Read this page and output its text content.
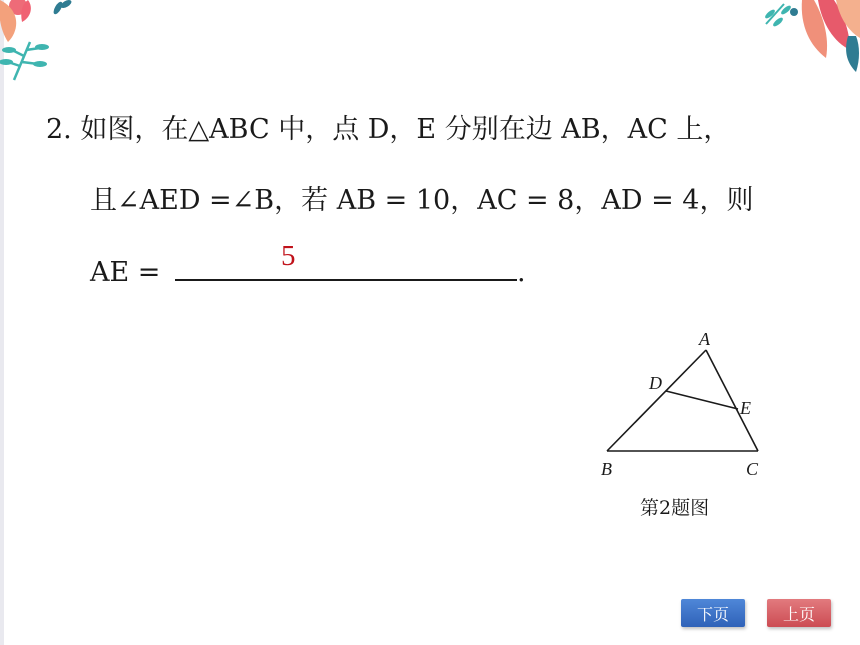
2. 如图，在△ABC 中，点 D，E 分别在边 AB，AC 上，
且∠AED =∠B，若 AB = 10，AC = 8，AD = 4，则
AE =
5
.
A
B	C
D
E
第2题图
下页	上页
